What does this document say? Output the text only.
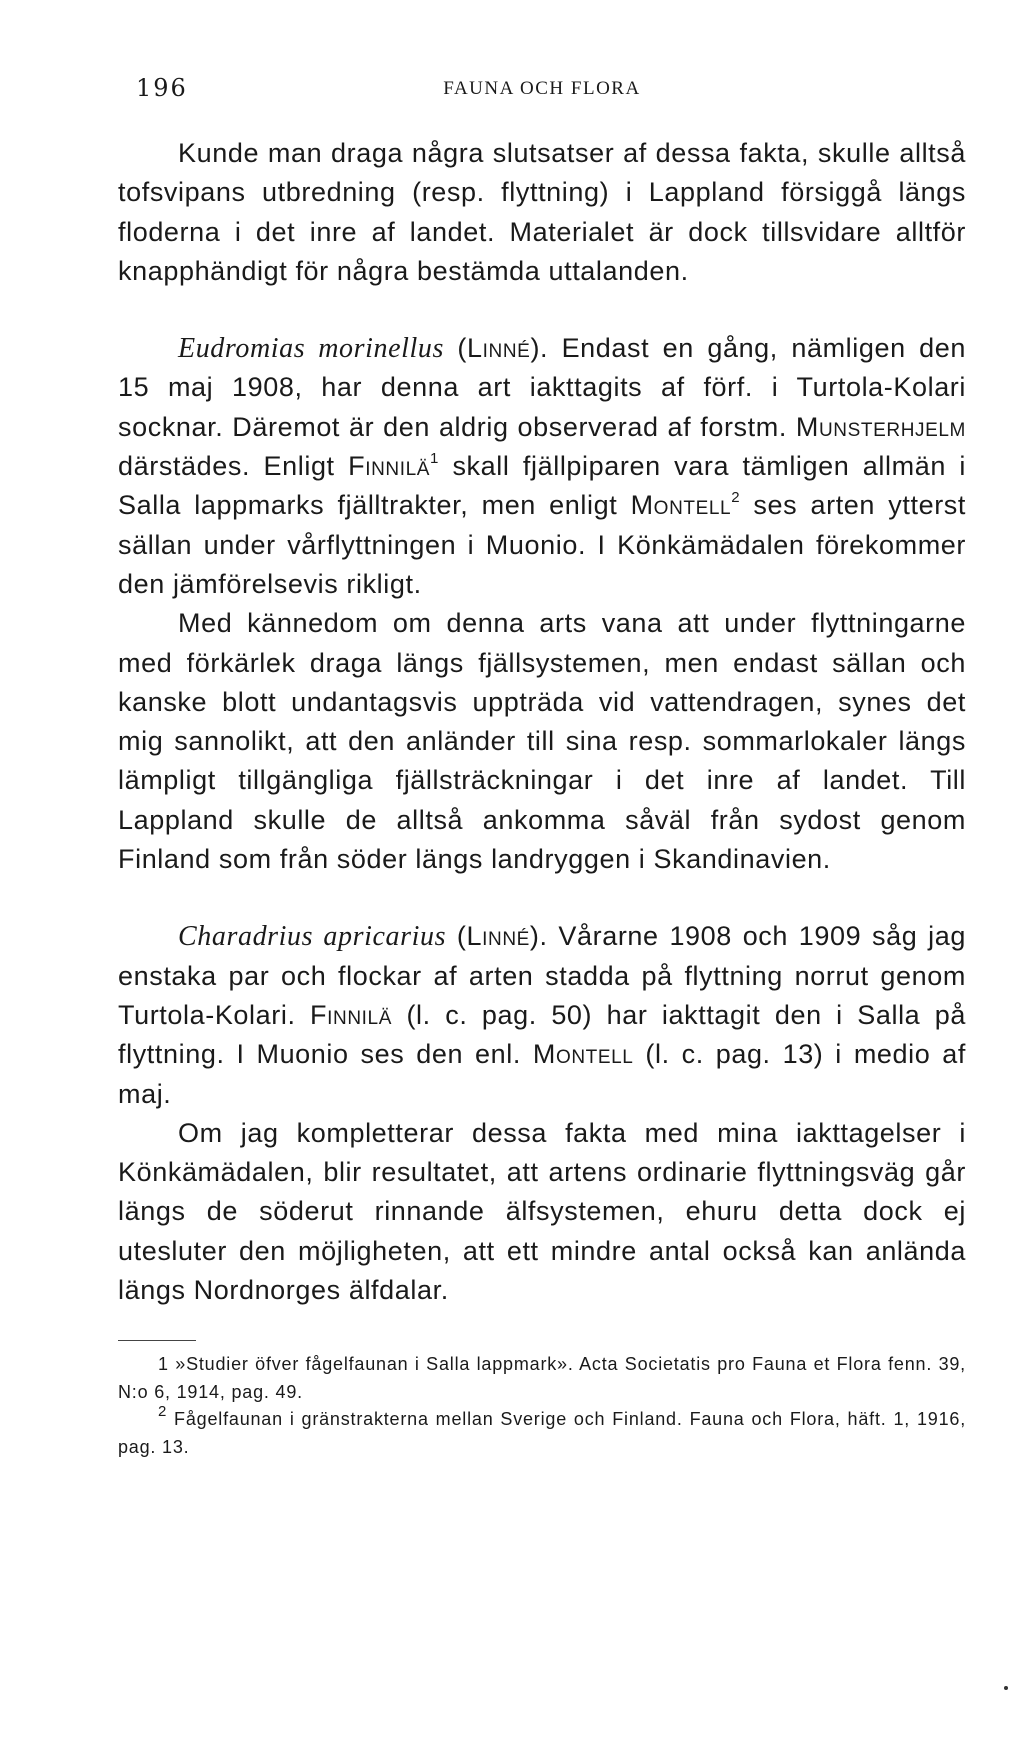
196	FAUNA OCH FLORA

Kunde man draga några slutsatser af dessa fakta, skulle alltså tofsvipans utbredning (resp. flyttning) i Lappland försiggå längs floderna i det inre af landet. Materialet är dock tillsvidare alltför knapphändigt för några bestämda uttalanden.

Eudromias morinellus (Linné). Endast en gång, nämligen den 15 maj 1908, har denna art iakttagits af förf. i Turtola-Kolari socknar. Däremot är den aldrig observerad af forstm. Munsterhjelm därstädes. Enligt Finnilä$^1$ skall fjällpiparen vara tämligen allmän i Salla lappmarks fjälltrakter, men enligt Montell$^2$ ses arten ytterst sällan under vårflyttningen i Muonio. I Könkämädalen förekommer den jämförelsevis rikligt.

Med kännedom om denna arts vana att under flyttningarne med förkärlek draga längs fjällsystemen, men endast sällan och kanske blott undantagsvis uppträda vid vattendragen, synes det mig sannolikt, att den anländer till sina resp. sommarlokaler längs lämpligt tillgängliga fjällsträckningar i det inre af landet. Till Lappland skulle de alltså ankomma såväl från sydost genom Finland som från söder längs landryggen i Skandinavien.

Charadrius apricarius (Linné). Vårarne 1908 och 1909 såg jag enstaka par och flockar af arten stadda på flyttning norrut genom Turtola-Kolari. Finnilä (l. c. pag. 50) har iakttagit den i Salla på flyttning. I Muonio ses den enl. Montell (l. c. pag. 13) i medio af maj.

Om jag kompletterar dessa fakta med mina iakttagelser i Könkämädalen, blir resultatet, att artens ordinarie flyttningsväg går längs de söderut rinnande älfsystemen, ehuru detta dock ej utesluter den möjligheten, att ett mindre antal också kan anlända längs Nordnorges älfdalar.

1 »Studier öfver fågelfaunan i Salla lappmark». Acta Societatis pro Fauna et Flora fenn. 39, N:o 6, 1914, pag. 49.

$^2$ Fågelfaunan i gränstrakterna mellan Sverige och Finland. Fauna och Flora, häft. 1, 1916, pag. 13.
